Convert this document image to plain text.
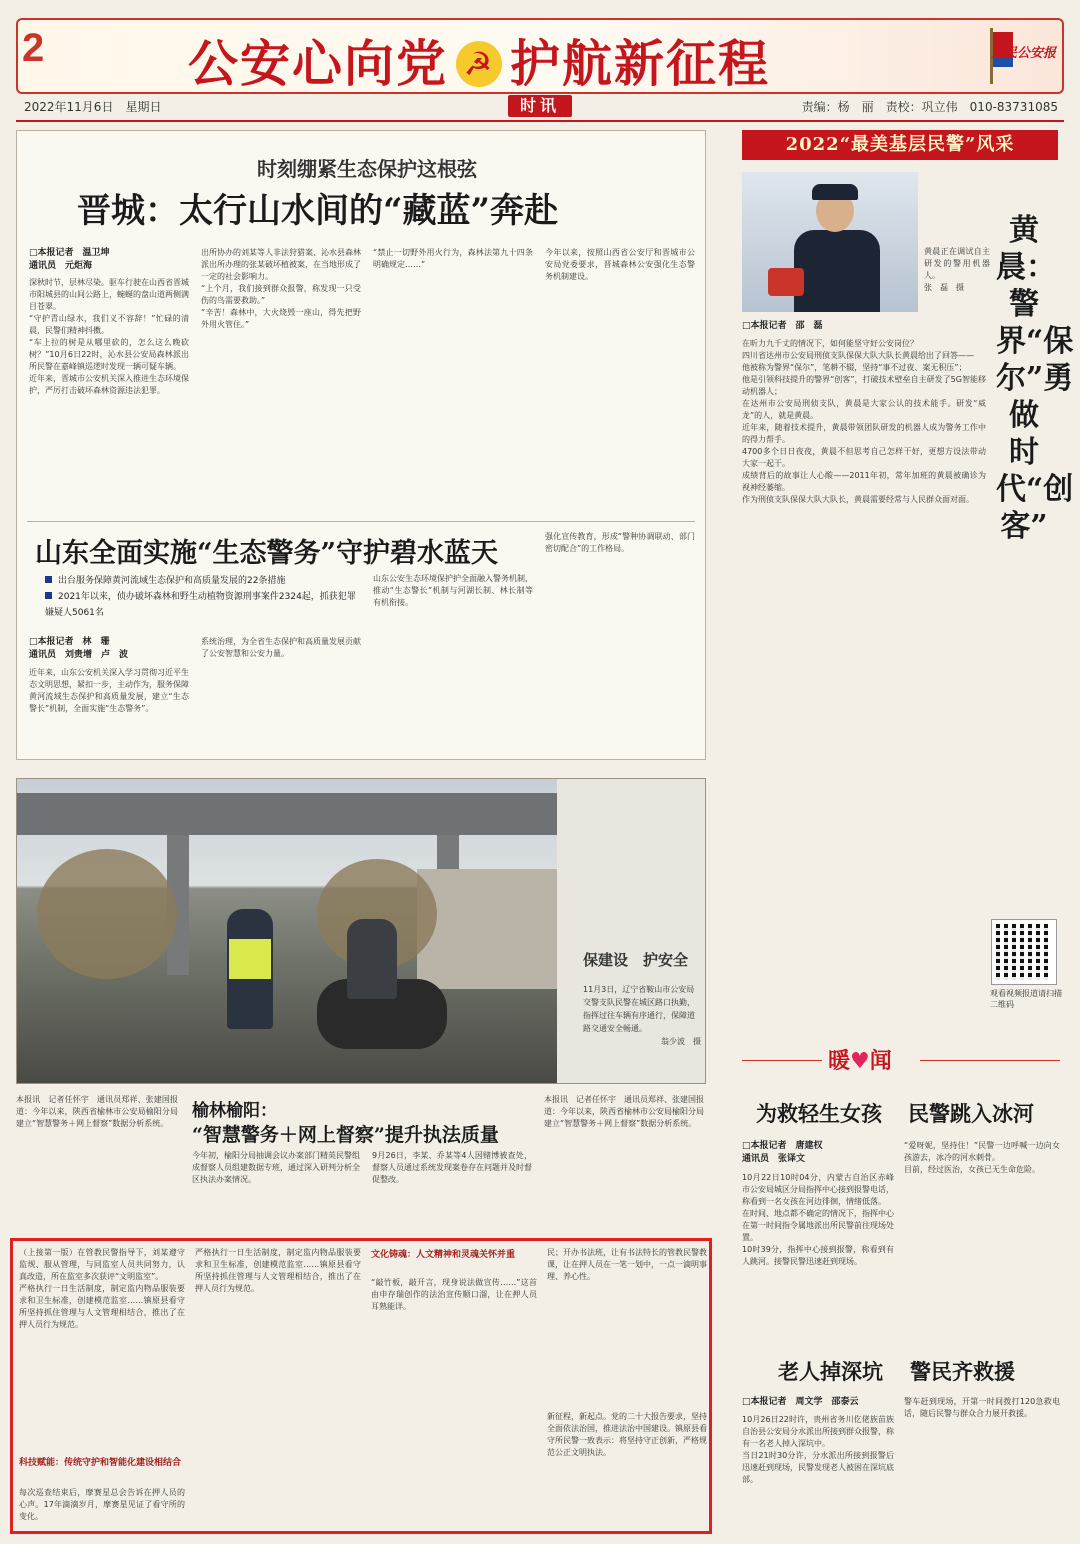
2	公安心向党 ☭ 护航新征程	人民公安报
2022年11月6日　星期日	时讯	责编：杨　丽　责校：巩立伟　010-83731085
时刻绷紧生态保护这根弦
晋城：太行山水间的“藏蓝”奔赴
□本报记者　温卫坤
通讯员　元炬海

深秋时节，层林尽染。驱车行驶在山西省晋城市阳城县的山间公路上，蜿蜒的盘山道两侧满目苍翠。

“守护青山绿水，我们义不容辞！”忙碌的清晨，民警们精神抖擞。

“车上拉的树是从哪里砍的，怎么这么晚砍树？”10月6日22时，沁水县公安局森林派出所民警在嘉峰镇巡逻时发现一辆可疑车辆。

近年来，晋城市公安机关深入推进生态环境保护，严厉打击破坏森林资源违法犯罪。

出所协办的刘某等人非法狩猎案、沁水县森林派出所办理的张某破坏植被案，在当地形成了一定的社会影响力。

“上个月，我们接到群众报警，称发现一只受伤的鸟需要救助。”

“辛苦！森林中，大火烧毁一座山，得先把野外用火管住。”

“禁止一切野外用火行为，森林法第九十四条明确规定……”

今年以来，按照山西省公安厅和晋城市公安局党委要求，晋城森林公安强化生态警务机制建设。

山东全面实施“生态警务”守护碧水蓝天
出台服务保障黄河流域生态保护和高质量发展的22条措施
2021年以来，侦办破坏森林和野生动植物资源刑事案件2324起，抓获犯罪嫌疑人5061名
□本报记者　林　珊
通讯员　刘贵增　卢　波
近年来，山东公安机关深入学习贯彻习近平生态文明思想，紧扣一步，主动作为，服务保障黄河流域生态保护和高质量发展，建立“生态警长”机制，全面实施“生态警务”。
系统治理，为全省生态保护和高质量发展贡献了公安智慧和公安力量。
山东公安生态环境保护护全面融入警务机制，推动“生态警长”机制与河湖长制、林长制等有机衔接。
强化宣传教育，形成“警种协调联动、部门密切配合”的工作格局。
保建设　护安全
11月3日，辽宁省鞍山市公安局交警支队民警在城区路口执勤，指挥过往车辆有序通行，保障道路交通安全畅通。

翁少波　摄
本报讯　记者任怀宇　通讯员郑祥、张建国报道：今年以来，陕西省榆林市公安局榆阳分局建立“智慧警务＋网上督察”数据分析系统。
榆林榆阳：
“智慧警务＋网上督察”提升执法质量
今年初，榆阳分局抽调会议办案部门精英民警组成督察人员组建数据专班，通过深入研判分析全区执法办案情况。
9月26日，李某、乔某等4人因赌博被查处，督察人员通过系统发现案卷存在问题并及时督促整改。
本报讯　记者任怀宇　通讯员郑祥、张建国报道：今年以来，陕西省榆林市公安局榆阳分局建立“智慧警务＋网上督察”数据分析系统。

（上接第一版）在管教民警指导下，刘某遵守监规、服从管理，与同监室人员共同努力，认真改造，所在监室多次获评“文明监室”。

严格执行一日生活制度，制定监内物品服装要求和卫生标准，创建模范监室……镇原县看守所坚持抓住管理与人文管理相结合，推出了在押人员行为规范。

科技赋能：传统守护和智能化建设相结合
每次巡查结束后，摩赛星总会告诉在押人员的心声。17年滴滴岁月，摩赛星见证了看守所的变化。
严格执行一日生活制度，制定监内物品服装要求和卫生标准，创建模范监室……镇原县看守所坚持抓住管理与人文管理相结合，推出了在押人员行为规范。
文化铸魂：人文精神和灵魂关怀并重
“敲竹板，敲开言，现身说法做宣传……”这首由申存瑞创作的法治宣传顺口溜，让在押人员耳熟能详。
民；开办书法班，让有书法特长的管教民警教课，让在押人员在一笔一划中，一点一滴明事理、养心性。
新征程，新起点。党的二十大报告要求，坚持全面依法治国，推进法治中国建设。镇原县看守所民警一致表示：将坚持守正创新，严格规范公正文明执法。
2022“最美基层民警”风采
黄晨正在调试自主研发的警用机器人。
张　磊　摄
黄晨：警界“保尔”勇做时代“创客”
□本报记者　邵　磊

在昕力九千丈的情况下，如何能坚守好公安岗位？

四川省达州市公安局刑侦支队保保大队大队长黄晨给出了回答——

他被称为警界“保尔”，笔耕不辍，坚持“事不过夜、案无积压”；

他是引领科技提升的警界“创客”，打破技术壁垒自主研发了5G智能移动机器人；

在达州市公安局刑侦支队，黄晨是大家公认的技术能手。研发“威龙”的人，就是黄晨。

近年来，随着技术提升，黄晨带领团队研发的机器人成为警务工作中的得力帮手。

4700多个日日夜夜，黄晨不但思考自己怎样干好，更想方设法带动大家一起干。

成绩背后的故事让人心酸——2011年初，常年加班的黄晨被确诊为视神经萎缩。

作为刑侦支队保保大队大队长，黄晨需要经常与人民群众面对面。

观看视频报道请扫描二维码
暖♥闻
为救轻生女孩 民警跳入冰河
□本报记者　唐建权
通讯员　张译文

10月22日10时04分，内蒙古自治区赤峰市公安局城区分局指挥中心接到报警电话，称看到一名女孩在河边徘徊，情绪低落。

在时间、地点都不确定的情况下，指挥中心在第一时间指令属地派出所民警前往现场处置。

10时39分，指挥中心接到报警，称看到有人跳河。接警民警迅速赶到现场。

“爱呀妮，坚持住！”民警一边呼喊一边向女孩游去，冰冷的河水刺骨。

目前，经过医治，女孩已无生命危险。

老人掉深坑 警民齐救援
□本报记者　周文学　邵泰云

10月26日22时许，贵州省务川仡佬族苗族自治县公安局分水派出所接到群众报警，称有一名老人掉入深坑中。

当日21时30分许，分水派出所接到报警后迅速赶到现场，民警发现老人被困在深坑底部。

警车赶到现场，开第一时间拨打120急救电话，随后民警与群众合力展开救援。
